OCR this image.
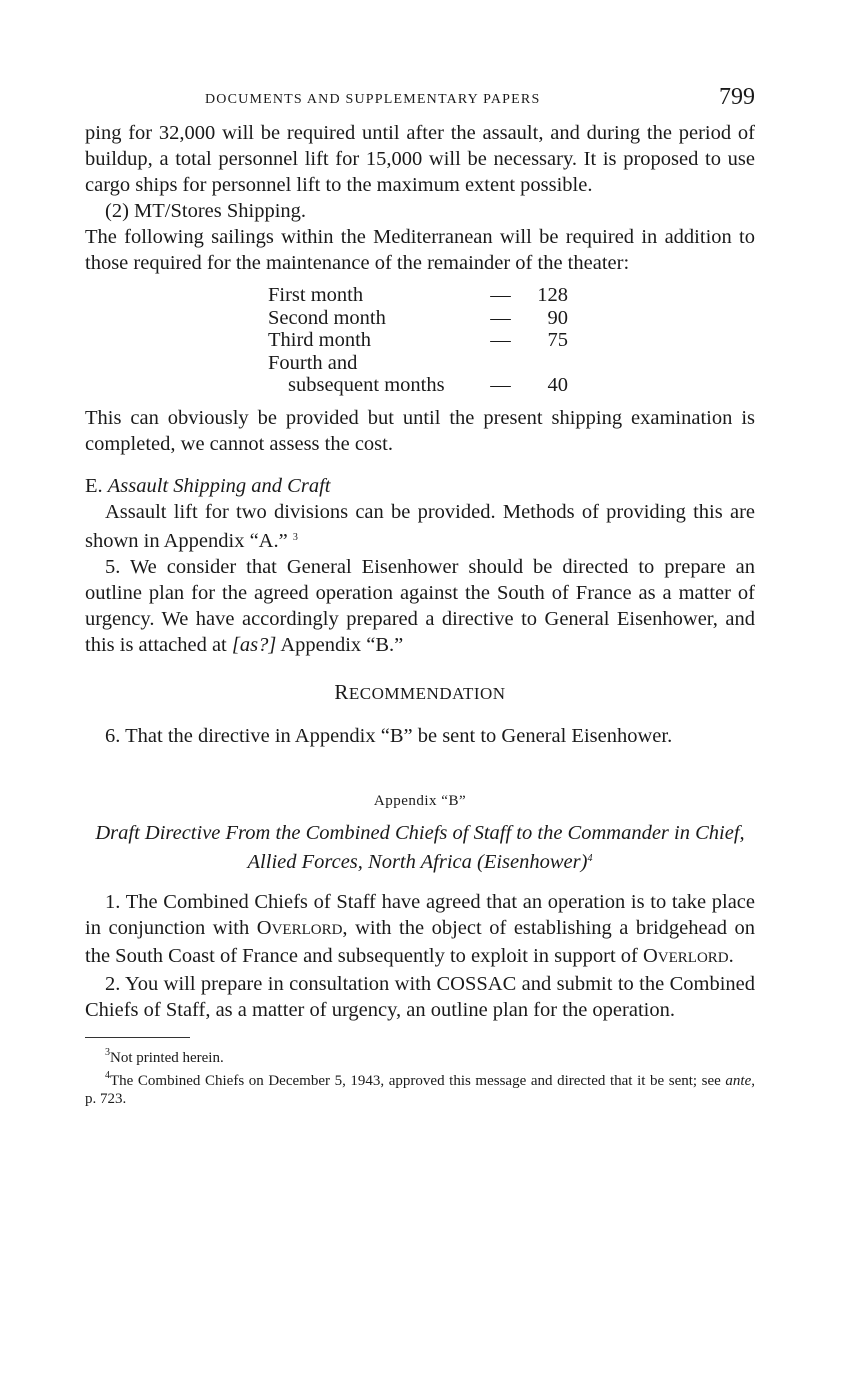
DOCUMENTS AND SUPPLEMENTARY PAPERS	799

ping for 32,000 will be required until after the assault, and during the period of buildup, a total personnel lift for 15,000 will be necessary. It is proposed to use cargo ships for personnel lift to the maximum extent possible.

(2) MT/Stores Shipping.

The following sailings within the Mediterranean will be required in addition to those required for the maintenance of the remainder of the theater:

First month	—	128
Second month	—	90
Third month	—	75
Fourth and
subsequent months	—	40

This can obviously be provided but until the present shipping examination is completed, we cannot assess the cost.

E. Assault Shipping and Craft

Assault lift for two divisions can be provided. Methods of providing this are shown in Appendix “A.” $^3$

5. We consider that General Eisenhower should be directed to prepare an outline plan for the agreed operation against the South of France as a matter of urgency. We have accordingly prepared a directive to General Eisenhower, and this is attached at [as?] Appendix “B.”

RECOMMENDATION

6. That the directive in Appendix “B” be sent to General Eisenhower.

Appendix “B”
Draft Directive From the Combined Chiefs of Staff to the Commander in Chief, Allied Forces, North Africa (Eisenhower)$^4$

1. The Combined Chiefs of Staff have agreed that an operation is to take place in conjunction with OVERLORD, with the object of establishing a bridgehead on the South Coast of France and subsequently to exploit in support of OVERLORD.

2. You will prepare in consultation with COSSAC and submit to the Combined Chiefs of Staff, as a matter of urgency, an outline plan for the operation.

$^3$Not printed herein.
$^4$The Combined Chiefs on December 5, 1943, approved this message and directed that it be sent; see ante, p. 723.
